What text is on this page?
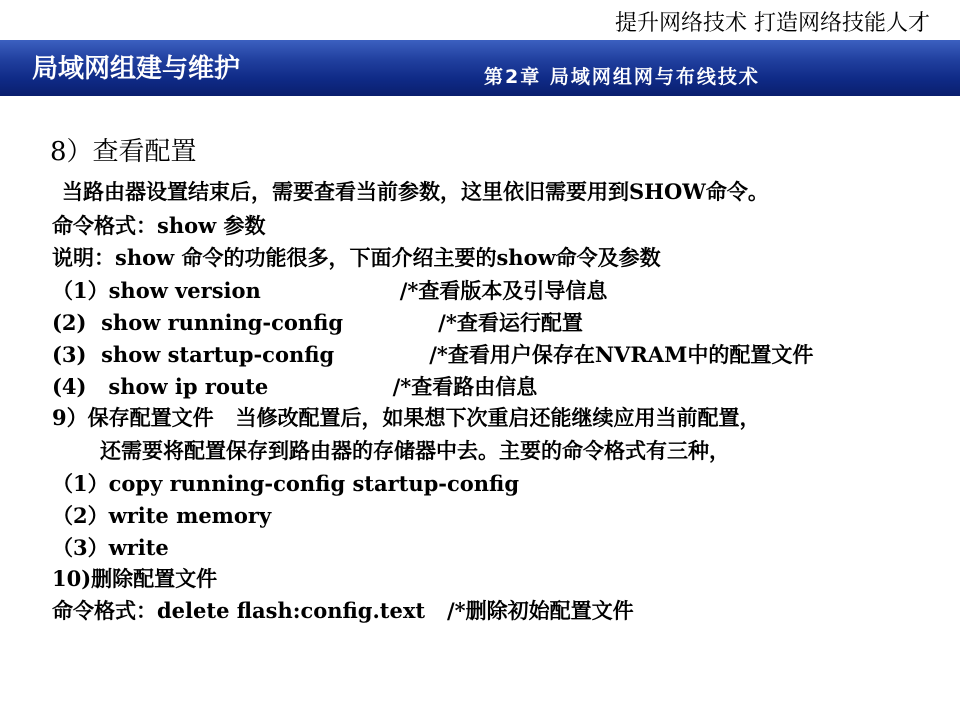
提升网络技术 打造网络技能人才
局域网组建与维护	第2章 局域网组网与布线技术
8）查看配置
当路由器设置结束后，需要查看当前参数，这里依旧需要用到SHOW命令。
命令格式：show 参数
说明：show 命令的功能很多，下面介绍主要的show命令及参数
（1）show version                   /*查看版本及引导信息
(2)  show running-config             /*查看运行配置
(3)  show startup-config             /*查看用户保存在NVRAM中的配置文件
(4)   show ip route                 /*查看路由信息
9）保存配置文件   当修改配置后，如果想下次重启还能继续应用当前配置，
还需要将配置保存到路由器的存储器中去。主要的命令格式有三种，
（1）copy running-config startup-config
（2）write memory
（3）write
10)删除配置文件
命令格式：delete flash:config.text   /*删除初始配置文件
